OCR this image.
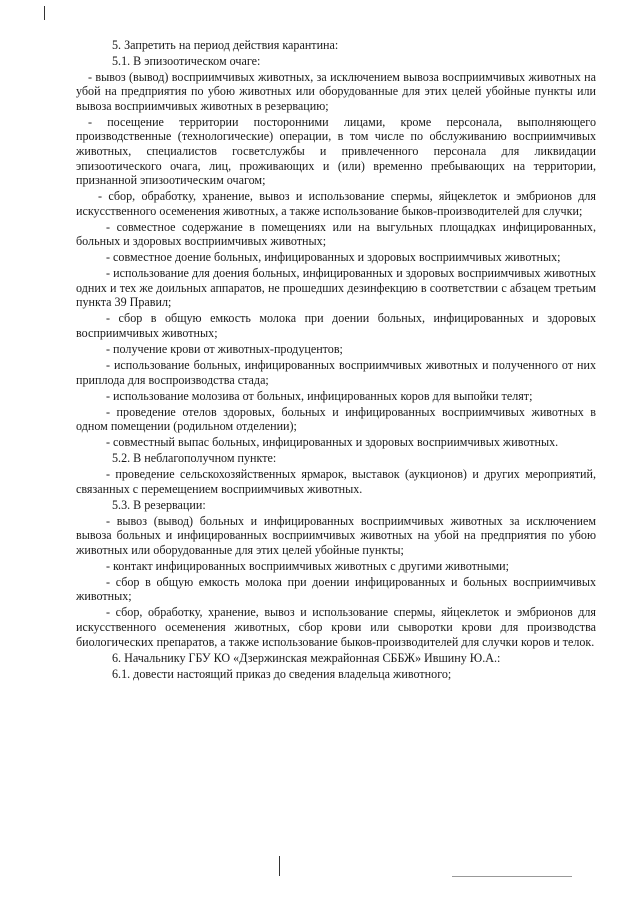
5. Запретить на период действия карантина:

5.1. В эпизоотическом очаге:

- вывоз (вывод) восприимчивых животных, за исключением вывоза восприимчивых животных на убой на предприятия по убою животных или оборудованные для этих целей убойные пункты или вывоза восприимчивых животных в резервацию;

- посещение территории посторонними лицами, кроме персонала, выполняющего производственные (технологические) операции, в том числе по обслуживанию восприимчивых животных, специалистов госветслужбы и привлеченного персонала для ликвидации эпизоотического очага, лиц, проживающих и (или) временно пребывающих на территории, признанной эпизоотическим очагом;

- сбор, обработку, хранение, вывоз и использование спермы, яйцеклеток и эмбрионов для искусственного осеменения животных, а также использование быков-производителей для случки;

- совместное содержание в помещениях или на выгульных площадках инфицированных, больных и здоровых восприимчивых животных;

- совместное доение больных, инфицированных и здоровых восприимчивых животных;

- использование для доения больных, инфицированных и здоровых восприимчивых животных одних и тех же доильных аппаратов, не прошедших дезинфекцию в соответствии с абзацем третьим пункта 39 Правил;

- сбор в общую емкость молока при доении больных, инфицированных и здоровых восприимчивых животных;

- получение крови от животных-продуцентов;

- использование больных, инфицированных восприимчивых животных и полученного от них приплода для воспроизводства стада;

- использование молозива от больных, инфицированных коров для выпойки телят;

- проведение отелов здоровых, больных и инфицированных восприимчивых животных в одном помещении (родильном отделении);

- совместный выпас больных, инфицированных и здоровых восприимчивых животных.

5.2. В неблагополучном пункте:

- проведение сельскохозяйственных ярмарок, выставок (аукционов) и других мероприятий, связанных с перемещением восприимчивых животных.

5.3. В резервации:

- вывоз (вывод) больных и инфицированных восприимчивых животных за исключением вывоза больных и инфицированных восприимчивых животных на убой на предприятия по убою животных или оборудованные для этих целей убойные пункты;

- контакт инфицированных восприимчивых животных с другими животными;

- сбор в общую емкость молока при доении инфицированных и больных восприимчивых животных;

- сбор, обработку, хранение, вывоз и использование спермы, яйцеклеток и эмбрионов для искусственного осеменения животных, сбор крови или сыворотки крови для производства биологических препаратов, а также использование быков-производителей для случки коров и телок.

6. Начальнику ГБУ КО «Дзержинская межрайонная СББЖ» Ившину Ю.А.:

6.1. довести настоящий приказ до сведения владельца животного;
